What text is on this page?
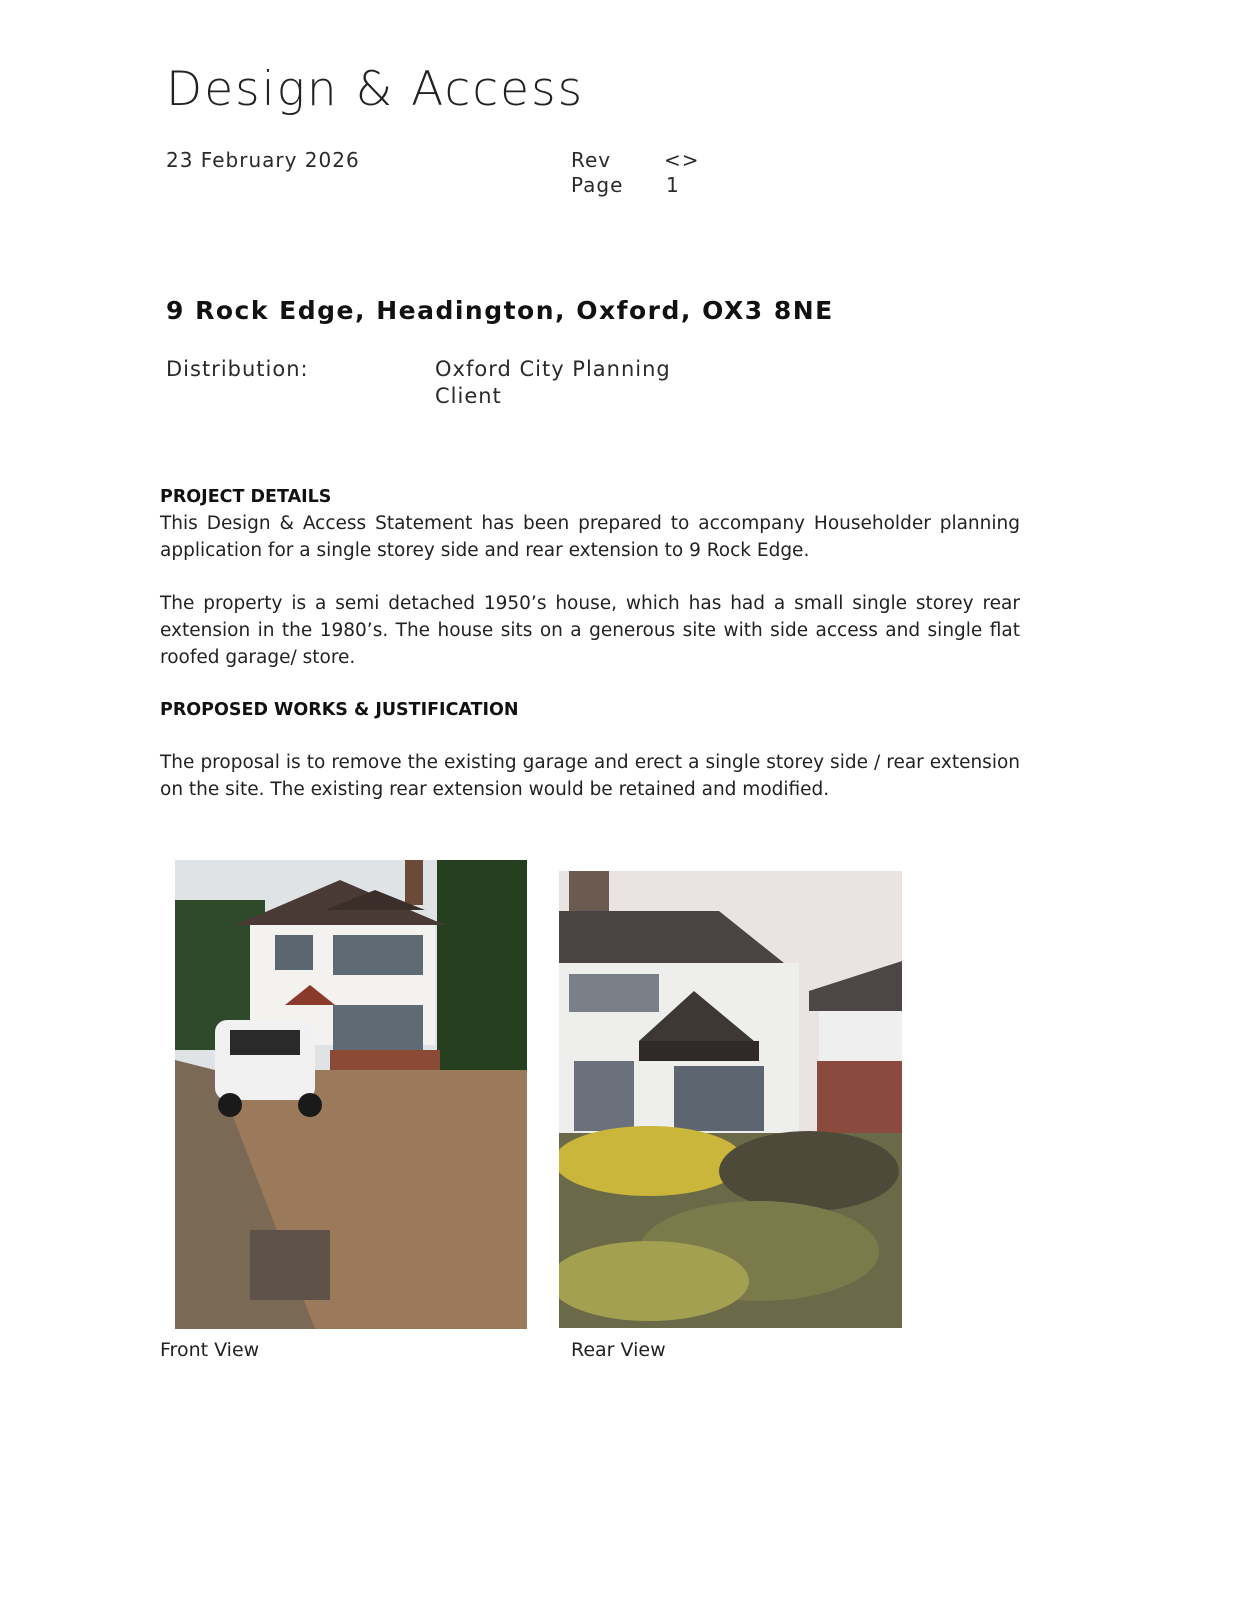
Design & Access
23 February 2026	Rev	<>
Page 1
9 Rock Edge, Headington, Oxford, OX3 8NE
Distribution:	Oxford City Planning
Client
PROJECT DETAILS
This Design & Access Statement has been prepared to accompany Householder planning application for a single storey side and rear extension to 9 Rock Edge.
The property is a semi detached 1950’s house, which has had a small single storey rear extension in the 1980’s. The house sits on a generous site with side access and single flat roofed garage/ store.
PROPOSED WORKS & JUSTIFICATION
The proposal is to remove the existing garage and erect a single storey side / rear extension on the site. The existing rear extension would be retained and modified.
Front View	Rear View
